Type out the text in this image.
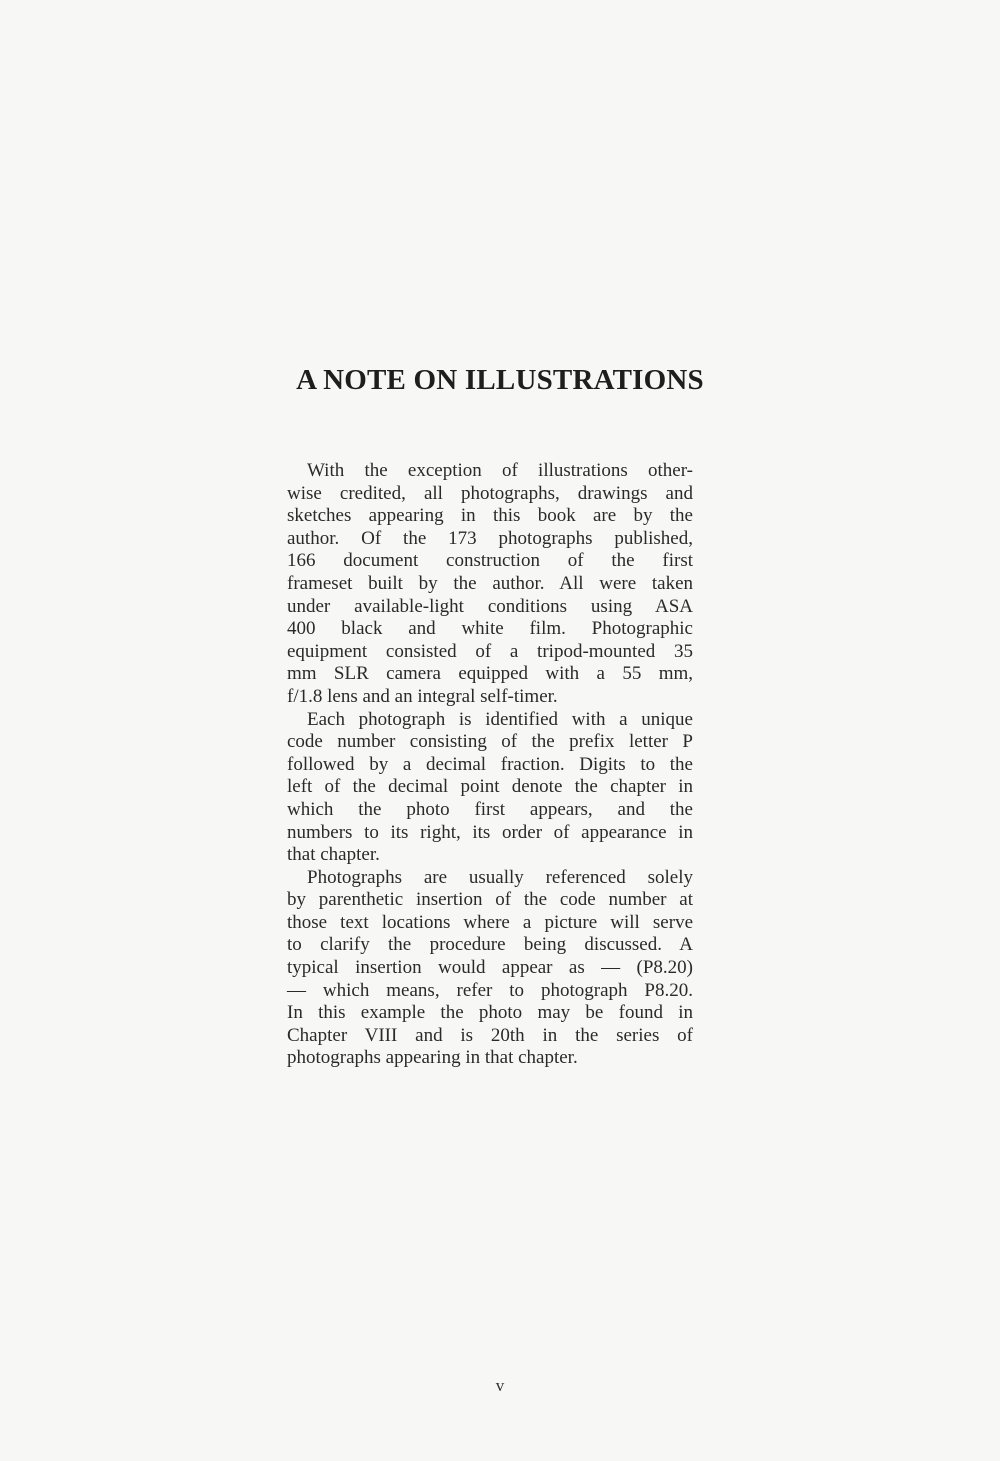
A NOTE ON ILLUSTRATIONS

With the exception of illustrations other-
wise credited, all photographs, drawings and
sketches appearing in this book are by the
author. Of the 173 photographs published,
166 document construction of the first
frameset built by the author. All were taken
under available-light conditions using ASA
400 black and white film. Photographic
equipment consisted of a tripod-mounted 35
mm SLR camera equipped with a 55 mm,
f/1.8 lens and an integral self-timer.

Each photograph is identified with a unique
code number consisting of the prefix letter P
followed by a decimal fraction. Digits to the
left of the decimal point denote the chapter in
which the photo first appears, and the
numbers to its right, its order of appearance in
that chapter.

Photographs are usually referenced solely
by parenthetic insertion of the code number at
those text locations where a picture will serve
to clarify the procedure being discussed. A
typical insertion would appear as — (P8.20)
— which means, refer to photograph P8.20.
In this example the photo may be found in
Chapter VIII and is 20th in the series of
photographs appearing in that chapter.

v
